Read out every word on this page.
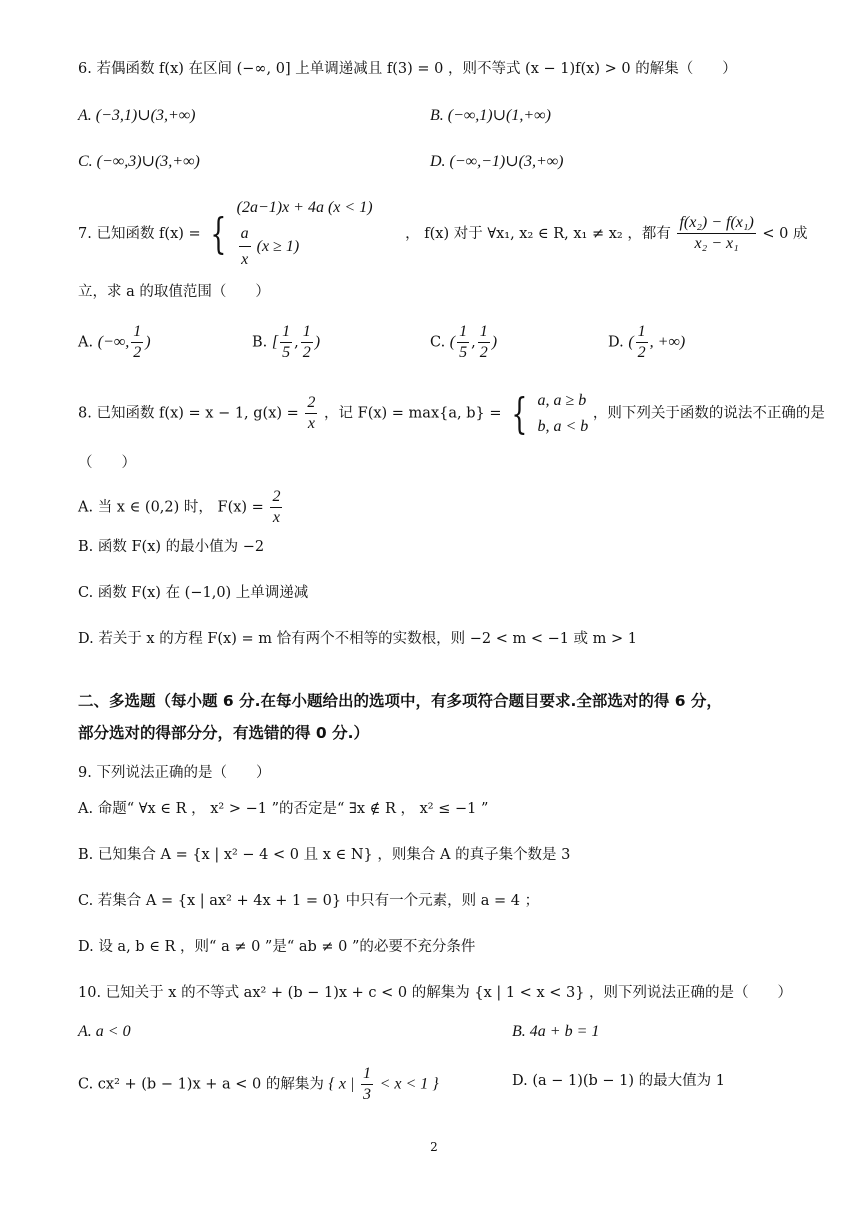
6. 若偶函数 f(x) 在区间 (−∞, 0] 上单调递减且 f(3) = 0 ，则不等式 (x − 1)f(x) > 0 的解集（　　）
A. (−3,1)∪(3,+∞)	B. (−∞,1)∪(1,+∞)
C. (−∞,3)∪(3,+∞)	D. (−∞,−1)∪(3,+∞)
7. 已知函数 f(x) = {
(2a−1)x + 4a (x < 1)
$\frac{a}{x} (x \ge 1)$
， f(x) 对于 ∀x₁, x₂ ∈ R, x₁ ≠ x₂ ，都有 $\frac{\text{f(x₂) − f(x₁)}}{\text{x₂ − x₁}} < 0$ 成
立，求 a 的取值范围（　　）
A. (−∞, $\frac{1}{2}$ )	B. [ $\frac{1}{5}$ , $\frac{1}{2}$ )	C. ( $\frac{1}{5}$ , $\frac{1}{2}$ )	D. ( $\frac{1}{2}$ , +∞)
8. 已知函数 f(x) = x − 1, $g(x) = \frac{2}{x}$ ，记 F(x) = max{a, b} = { a, a ≥ b
b, a < b
，则下列关于函数的说法不正确的是
（　　）
A. 当 x ∈ (0,2) 时， $F(x) = \frac{2}{x}$
B. 函数 F(x) 的最小值为 −2
C. 函数 F(x) 在 (−1,0) 上单调递减
D. 若关于 x 的方程 F(x) = m 恰有两个不相等的实数根，则 −2 < m < −1 或 m > 1
二、多选题（每小题 6 分.在每小题给出的选项中，有多项符合题目要求.全部选对的得 6 分，
部分选对的得部分分，有选错的得 0 分.）
9. 下列说法正确的是（　　）
A. 命题“ ∀x ∈ R ， x² > −1 ”的否定是“ ∃x ∉ R ， x² ≤ −1 ”
B. 已知集合 A = {x | x² − 4 < 0 且 x ∈ N} ，则集合 A 的真子集个数是 3
C. 若集合 A = {x | ax² + 4x + 1 = 0} 中只有一个元素，则 a = 4 ；
D. 设 a, b ∈ R ，则“ a ≠ 0 ”是“ ab ≠ 0 ”的必要不充分条件
10. 已知关于 x 的不等式 ax² + (b − 1)x + c < 0 的解集为 {x | 1 < x < 3} ，则下列说法正确的是（　　）
A. a < 0	B. 4a + b = 1
C. cx² + (b − 1)x + a < 0 的解集为 { x | $\frac{1}{3} < x < 1$ }	D. (a − 1)(b − 1) 的最大值为 1
2
